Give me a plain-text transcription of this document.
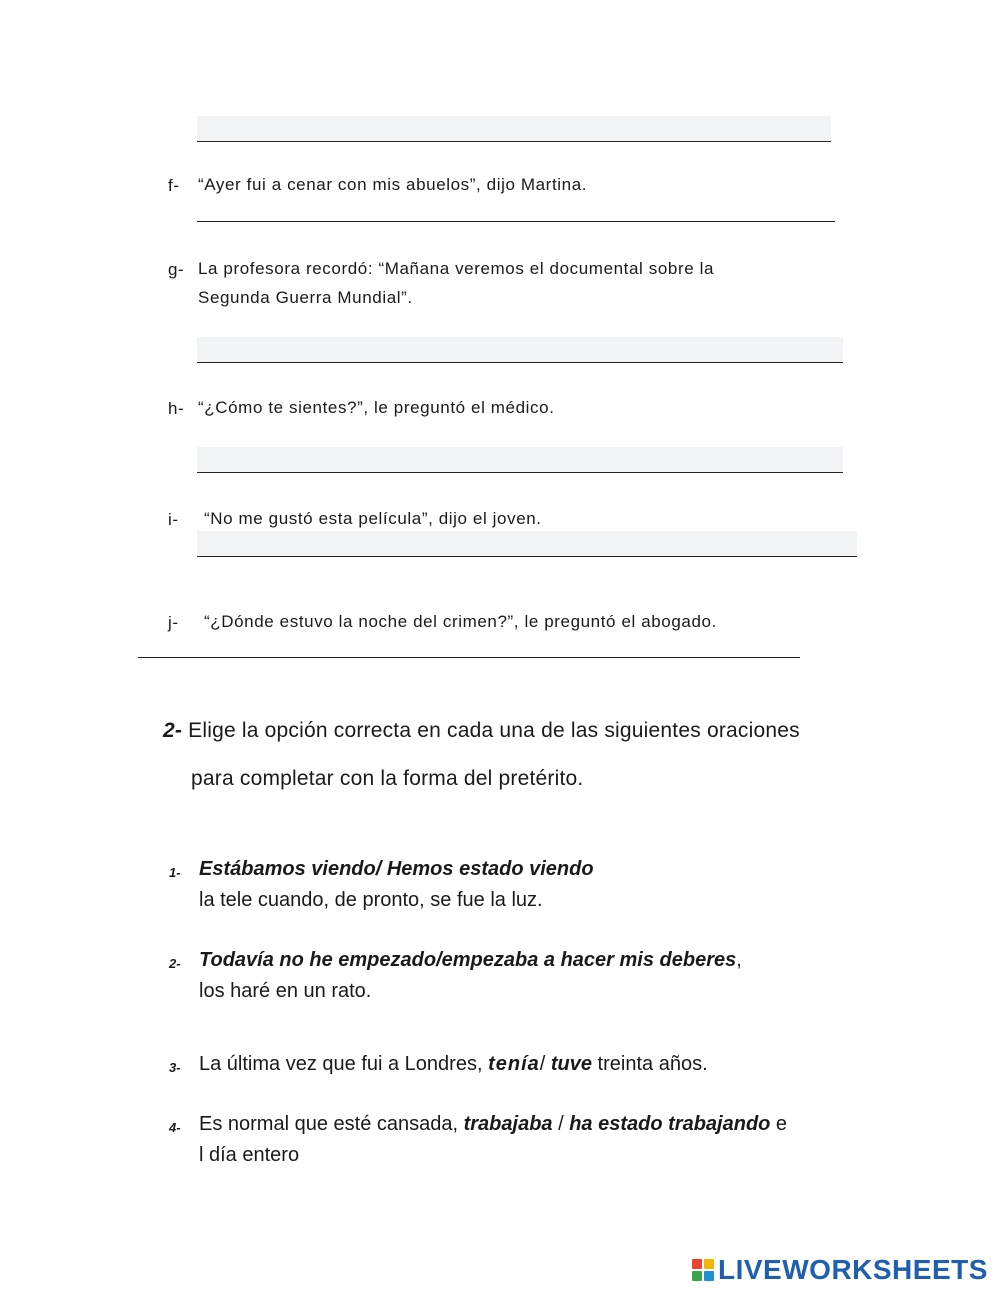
f- “Ayer fui a cenar con mis abuelos”, dijo Martina.
g- La profesora recordó: “Mañana veremos el documental sobre la
Segunda Guerra Mundial”.
h- “¿Cómo te sientes?”, le preguntó el médico.
i- “No me gustó esta película”, dijo el joven.
j- “¿Dónde estuvo la noche del crimen?”, le preguntó el abogado.
2- Elige la opción correcta en cada una de las siguientes oraciones
para completar con la forma del pretérito.
1- Estábamos viendo/ Hemos estado viendo
la tele cuando, de pronto, se fue la luz.
2- Todavía no he empezado/empezaba a hacer mis deberes,
los haré en un rato.
3- La última vez que fui a Londres, tenía/ tuve treinta años.
4- Es normal que esté cansada, trabajaba / ha estado trabajando e
l día entero
LIVEWORKSHEETS
